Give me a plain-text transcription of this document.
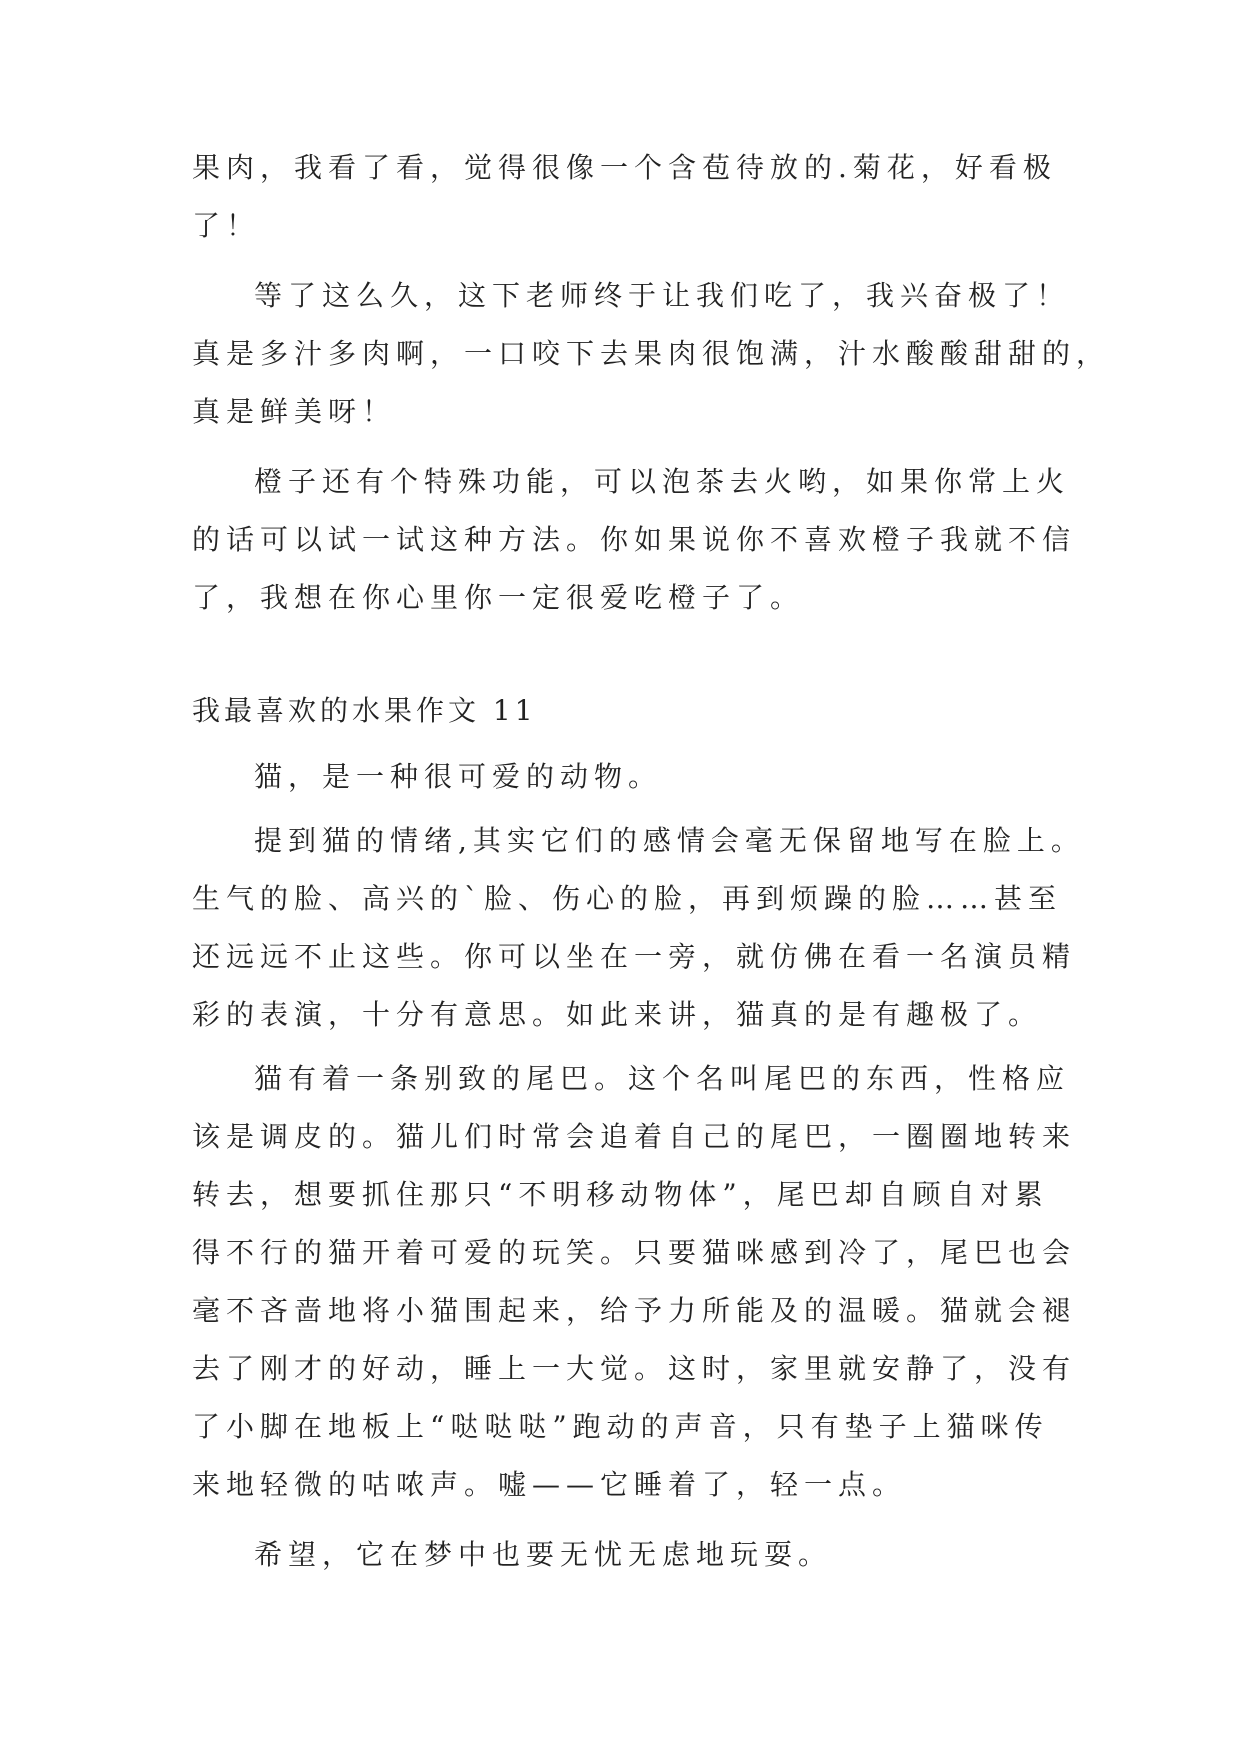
果肉，我看了看，觉得很像一个含苞待放的.菊花，好看极
了！

等了这么久，这下老师终于让我们吃了，我兴奋极了！
真是多汁多肉啊，一口咬下去果肉很饱满，汁水酸酸甜甜的，
真是鲜美呀！

橙子还有个特殊功能，可以泡茶去火哟，如果你常上火
的话可以试一试这种方法。你如果说你不喜欢橙子我就不信
了，我想在你心里你一定很爱吃橙子了。

我最喜欢的水果作文 11

猫，是一种很可爱的动物。

提到猫的情绪,其实它们的感情会毫无保留地写在脸上。
生气的脸、高兴的`脸、伤心的脸，再到烦躁的脸……甚至
还远远不止这些。你可以坐在一旁，就仿佛在看一名演员精
彩的表演，十分有意思。如此来讲，猫真的是有趣极了。

猫有着一条别致的尾巴。这个名叫尾巴的东西，性格应
该是调皮的。猫儿们时常会追着自己的尾巴，一圈圈地转来
转去，想要抓住那只“不明移动物体”，尾巴却自顾自对累
得不行的猫开着可爱的玩笑。只要猫咪感到冷了，尾巴也会
毫不吝啬地将小猫围起来，给予力所能及的温暖。猫就会褪
去了刚才的好动，睡上一大觉。这时，家里就安静了，没有
了小脚在地板上“哒哒哒”跑动的声音，只有垫子上猫咪传
来地轻微的咕哝声。嘘——它睡着了，轻一点。

希望，它在梦中也要无忧无虑地玩耍。
